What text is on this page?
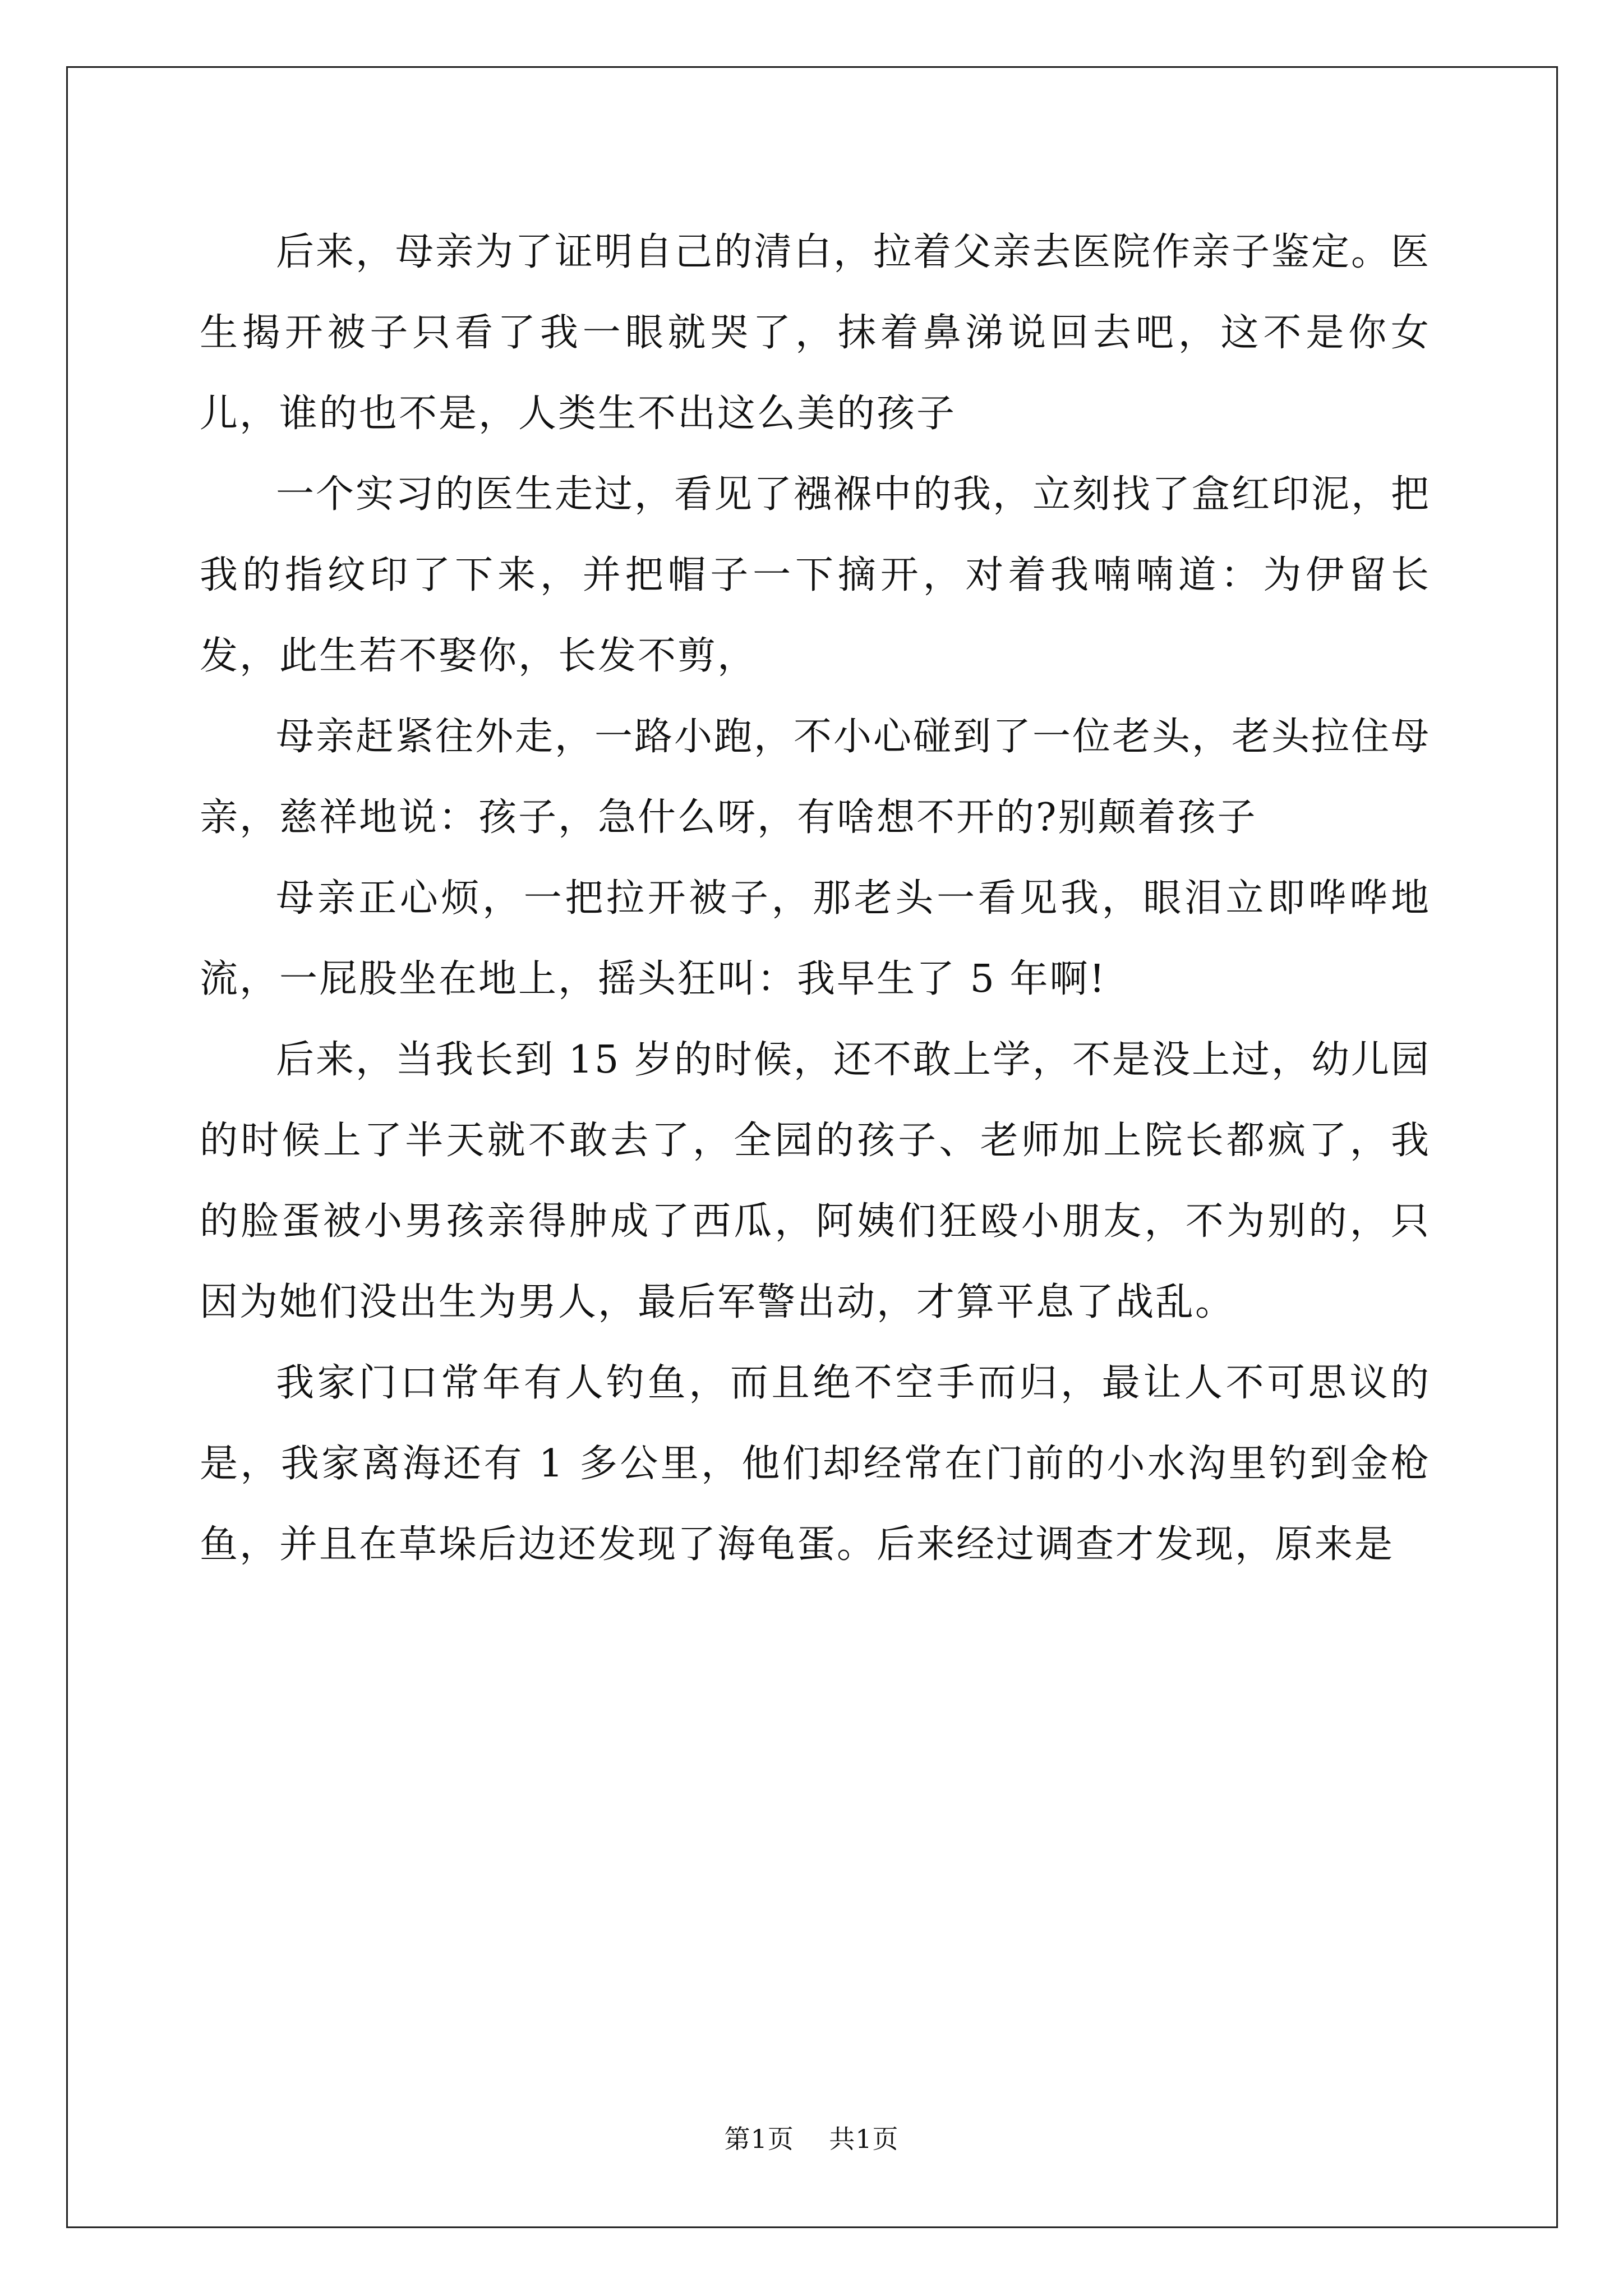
后来，母亲为了证明自己的清白，拉着父亲去医院作亲子鉴定。医生揭开被子只看了我一眼就哭了，抹着鼻涕说回去吧，这不是你女儿，谁的也不是，人类生不出这么美的孩子

一个实习的医生走过，看见了襁褓中的我，立刻找了盒红印泥，把我的指纹印了下来，并把帽子一下摘开，对着我喃喃道：为伊留长发，此生若不娶你，长发不剪，

母亲赶紧往外走，一路小跑，不小心碰到了一位老头，老头拉住母亲，慈祥地说：孩子，急什么呀，有啥想不开的?别颠着孩子

母亲正心烦，一把拉开被子，那老头一看见我，眼泪立即哗哗地流，一屁股坐在地上，摇头狂叫：我早生了 5 年啊!

后来，当我长到 15 岁的时候，还不敢上学，不是没上过，幼儿园的时候上了半天就不敢去了，全园的孩子、老师加上院长都疯了，我的脸蛋被小男孩亲得肿成了西瓜，阿姨们狂殴小朋友，不为别的，只因为她们没出生为男人，最后军警出动，才算平息了战乱。

我家门口常年有人钓鱼，而且绝不空手而归，最让人不可思议的是，我家离海还有 1 多公里，他们却经常在门前的小水沟里钓到金枪鱼，并且在草垛后边还发现了海龟蛋。后来经过调查才发现，原来是

第1页 共1页
